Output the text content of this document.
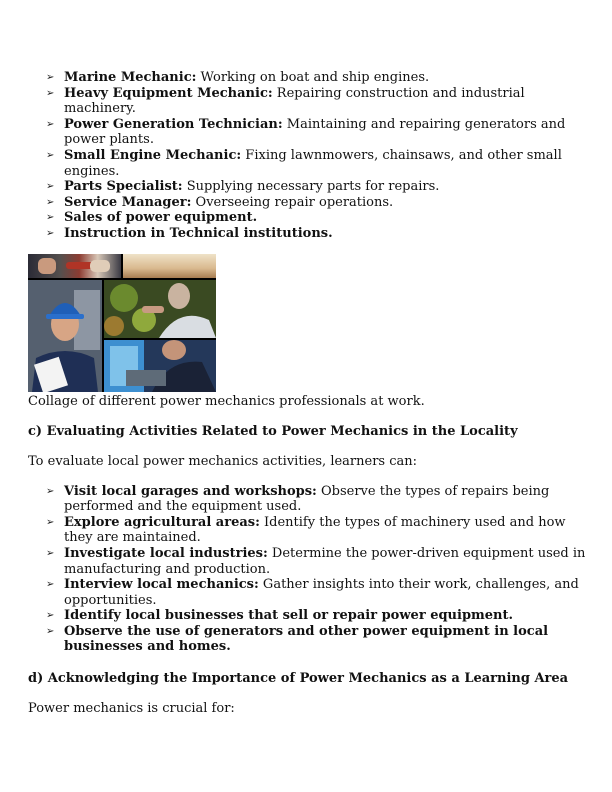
➢ Marine Mechanic: Working on boat and ship engines.
➢ Heavy Equipment Mechanic: Repairing construction and industrial machinery.
➢ Power Generation Technician: Maintaining and repairing generators and power plants.
➢ Small Engine Mechanic: Fixing lawnmowers, chainsaws, and other small engines.
➢ Parts Specialist: Supplying necessary parts for repairs.
➢ Service Manager: Overseeing repair operations.
➢ Sales of power equipment.
➢ Instruction in Technical institutions.
Collage of different power mechanics professionals at work.
c) Evaluating Activities Related to Power Mechanics in the Locality

To evaluate local power mechanics activities, learners can:

➢ Visit local garages and workshops: Observe the types of repairs being performed and the equipment used.
➢ Explore agricultural areas: Identify the types of machinery used and how they are maintained.
➢ Investigate local industries: Determine the power-driven equipment used in manufacturing and production.
➢ Interview local mechanics: Gather insights into their work, challenges, and opportunities.
➢ Identify local businesses that sell or repair power equipment.
➢ Observe the use of generators and other power equipment in local businesses and homes.
d) Acknowledging the Importance of Power Mechanics as a Learning Area

Power mechanics is crucial for:
